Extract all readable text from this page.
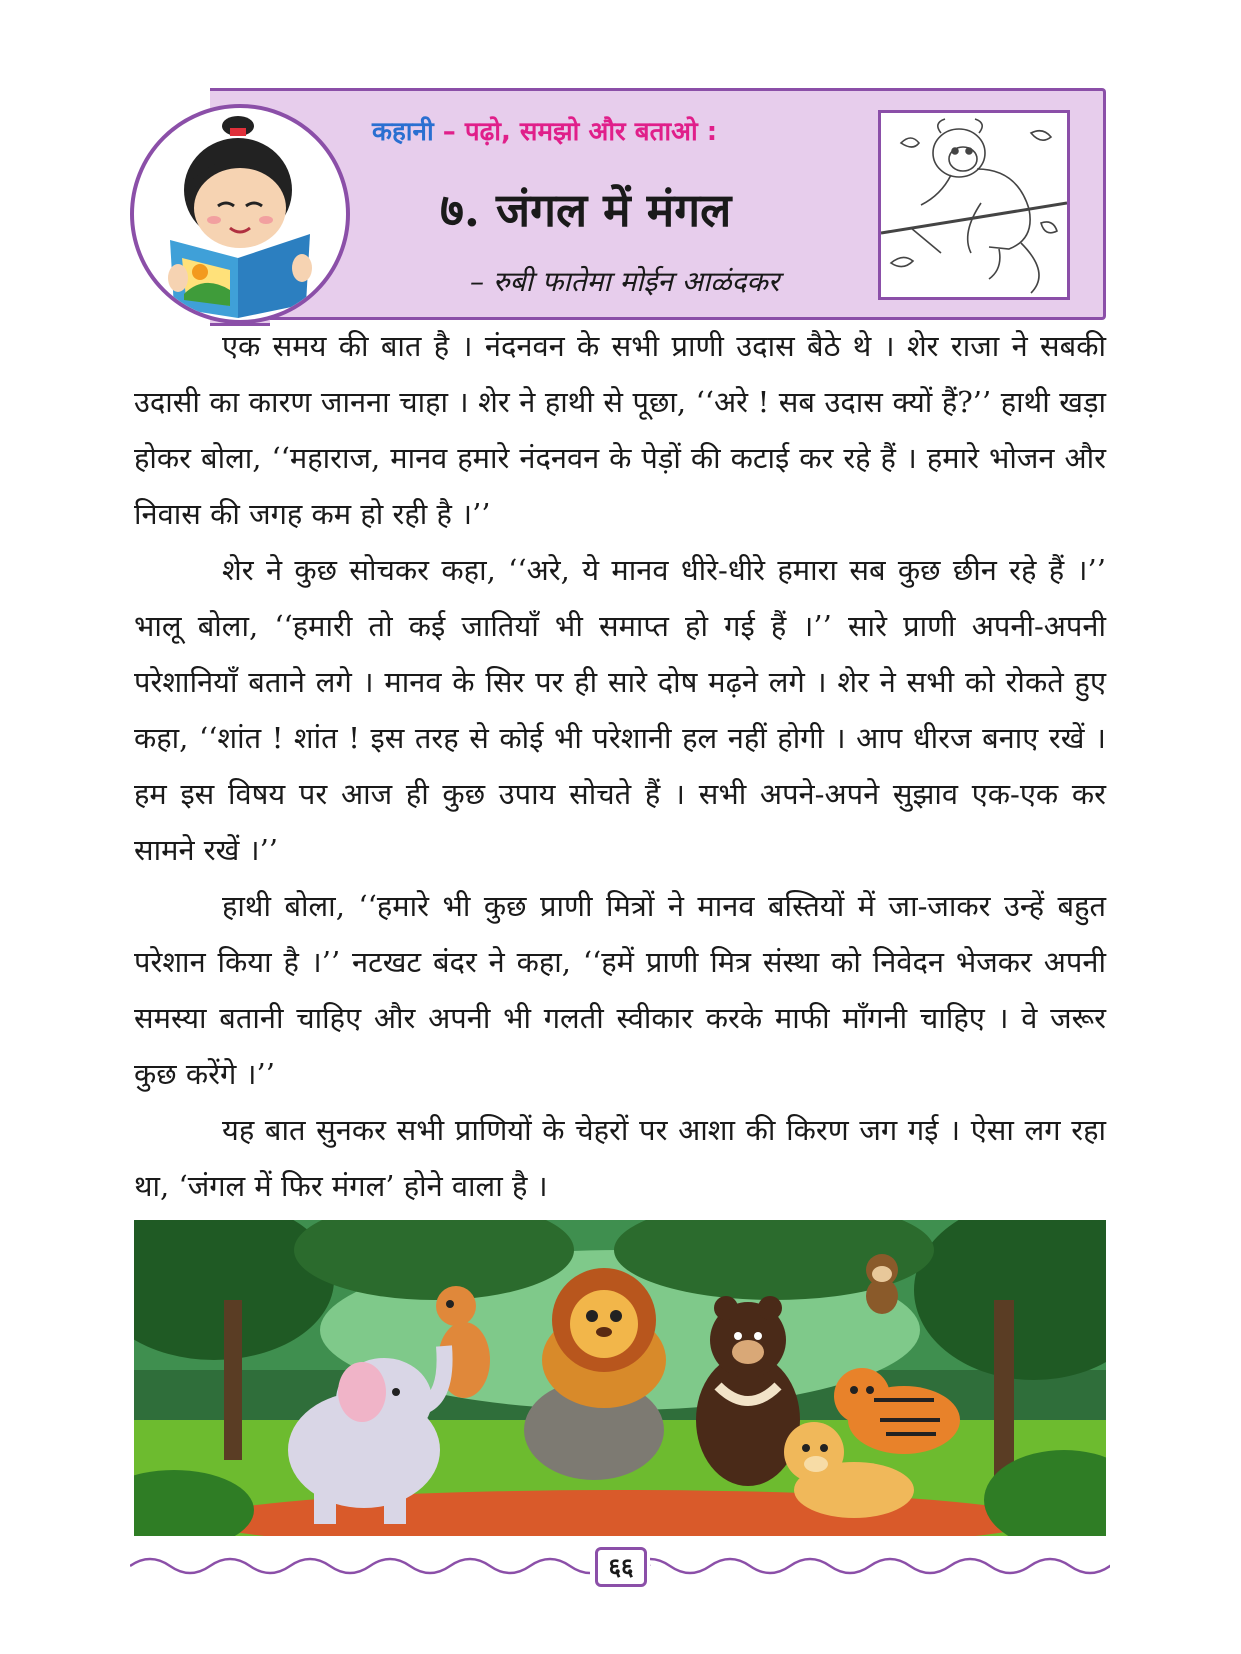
कहानी – पढ़ो, समझो और बताओ :
७. जंगल में मंगल
– रुबी फातेमा मोईन आळंदकर

एक समय की बात है । नंदनवन के सभी प्राणी उदास बैठे थे । शेर राजा ने सबकी उदासी का कारण जानना चाहा । शेर ने हाथी से पूछा, ‘‘अरे ! सब उदास क्यों हैं?’’ हाथी खड़ा होकर बोला, ‘‘महाराज, मानव हमारे नंदनवन के पेड़ों की कटाई कर रहे हैं । हमारे भोजन और निवास की जगह कम हो रही है ।’’

शेर ने कुछ सोचकर कहा, ‘‘अरे, ये मानव धीरे-धीरे हमारा सब कुछ छीन रहे हैं ।’’ भालू बोला, ‘‘हमारी तो कई जातियाँ भी समाप्त हो गई हैं ।’’ सारे प्राणी अपनी-अपनी परेशानियाँ बताने लगे । मानव के सिर पर ही सारे दोष मढ़ने लगे । शेर ने सभी को रोकते हुए कहा, ‘‘शांत ! शांत ! इस तरह से कोई भी परेशानी हल नहीं होगी । आप धीरज बनाए रखें । हम इस विषय पर आज ही कुछ उपाय सोचते हैं । सभी अपने-अपने सुझाव एक-एक कर सामने रखें ।’’

हाथी बोला, ‘‘हमारे भी कुछ प्राणी मित्रों ने मानव बस्तियों में जा-जाकर उन्हें बहुत परेशान किया है ।’’ नटखट बंदर ने कहा, ‘‘हमें प्राणी मित्र संस्था को निवेदन भेजकर अपनी समस्या बतानी चाहिए और अपनी भी गलती स्वीकार करके माफी माँगनी चाहिए । वे जरूर कुछ करेंगे ।’’

यह बात सुनकर सभी प्राणियों के चेहरों पर आशा की किरण जग गई । ऐसा लग रहा था, ‘जंगल में फिर मंगल’ होने वाला है ।

६६
